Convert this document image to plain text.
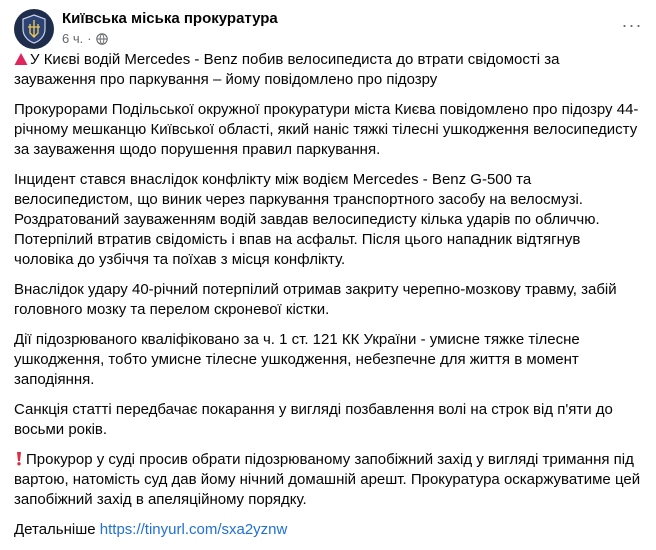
Київська міська прокуратура
6 ч. ·
···

У Києві водій Mercedes - Benz побив велосипедиста до втрати свідомості за зауваження про паркування – йому повідомлено про підозру

Прокурорами Подільської окружної прокуратури міста Києва повідомлено про підозру 44-річному мешканцю Київської області, який наніс тяжкі тілесні ушкодження велосипедисту за зауваження щодо порушення правил паркування.

Інцидент стався внаслідок конфлікту між водієм Mercedes - Benz G-500 та велосипедистом, що виник через паркування транспортного засобу на велосмузі. Роздратований зауваженням водій завдав велосипедисту кілька ударів по обличчю. Потерпілий втратив свідомість і впав на асфальт. Після цього нападник відтягнув чоловіка до узбіччя та поїхав з місця конфлікту.

Внаслідок удару 40-річний потерпілий отримав закриту черепно-мозкову травму, забій головного мозку та перелом скроневої кістки.

Дії підозрюваного кваліфіковано за ч. 1 ст. 121 КК України - умисне тяжке тілесне ушкодження, тобто умисне тілесне ушкодження, небезпечне для життя в момент заподіяння.

Санкція статті передбачає покарання у вигляді позбавлення волі на строк від п'яти до восьми років.

Прокурор у суді просив обрати підозрюваному запобіжний захід у вигляді тримання під вартою, натомість суд дав йому нічний домашній арешт. Прокуратура оскаржуватиме цей запобіжний захід в апеляційному порядку.

Детальніше https://tinyurl.com/sxa2yznw
